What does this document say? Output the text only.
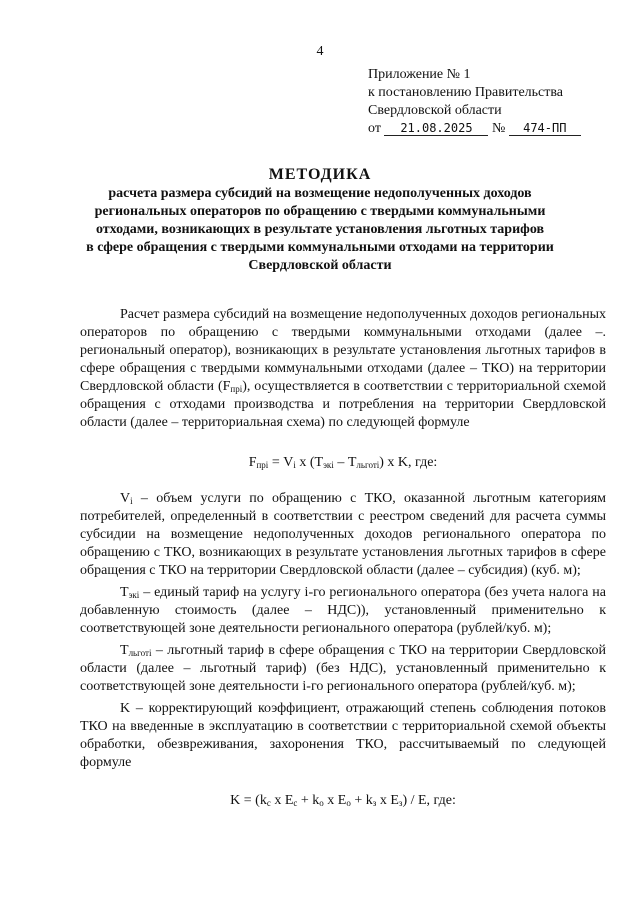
4
Приложение № 1
к постановлению Правительства
Свердловской области
от 21.08.2025 № 474-ПП
МЕТОДИКА
расчета размера субсидий на возмещение недополученных доходов
региональных операторов по обращению с твердыми коммунальными
отходами, возникающих в результате установления льготных тарифов
в сфере обращения с твердыми коммунальными отходами на территории
Свердловской области

Расчет размера субсидий на возмещение недополученных доходов региональных операторов по обращению с твердыми коммунальными отходами (далее –. региональный оператор), возникающих в результате установления льготных тарифов в сфере обращения с твердыми коммунальными отходами (далее – ТКО) на территории Свердловской области $(F_{прі})$, осуществляется в соответствии с территориальной схемой обращения с отходами производства и потребления на территории Свердловской области (далее – территориальная схема) по следующей формуле

$F_{прі} = V_i$ x $(T_{экі} - T_{льготі})$ x K, где:

$V_i$ – объем услуги по обращению с ТКО, оказанной льготным категориям потребителей, определенный в соответствии с реестром сведений для расчета суммы субсидии на возмещение недополученных доходов регионального оператора по обращению с ТКО, возникающих в результате установления льготных тарифов в сфере обращения с ТКО на территории Свердловской области (далее – субсидия) (куб. м);

$T_{экі}$ – единый тариф на услугу i-го регионального оператора (без учета налога на добавленную стоимость (далее – НДС)), установленный применительно к соответствующей зоне деятельности регионального оператора (рублей/куб. м);

$T_{льготі}$ – льготный тариф в сфере обращения с ТКО на территории Свердловской области (далее – льготный тариф) (без НДС), установленный применительно к соответствующей зоне деятельности i-го регионального оператора (рублей/куб. м);

K – корректирующий коэффициент, отражающий степень соблюдения потоков ТКО на введенные в эксплуатацию в соответствии с территориальной схемой объекты обработки, обезвреживания, захоронения ТКО, рассчитываемый по следующей формуле

$K = (k_c$ x $E_c + k_o$ x $E_o + k_з$ x $E_з$) / E, где:
